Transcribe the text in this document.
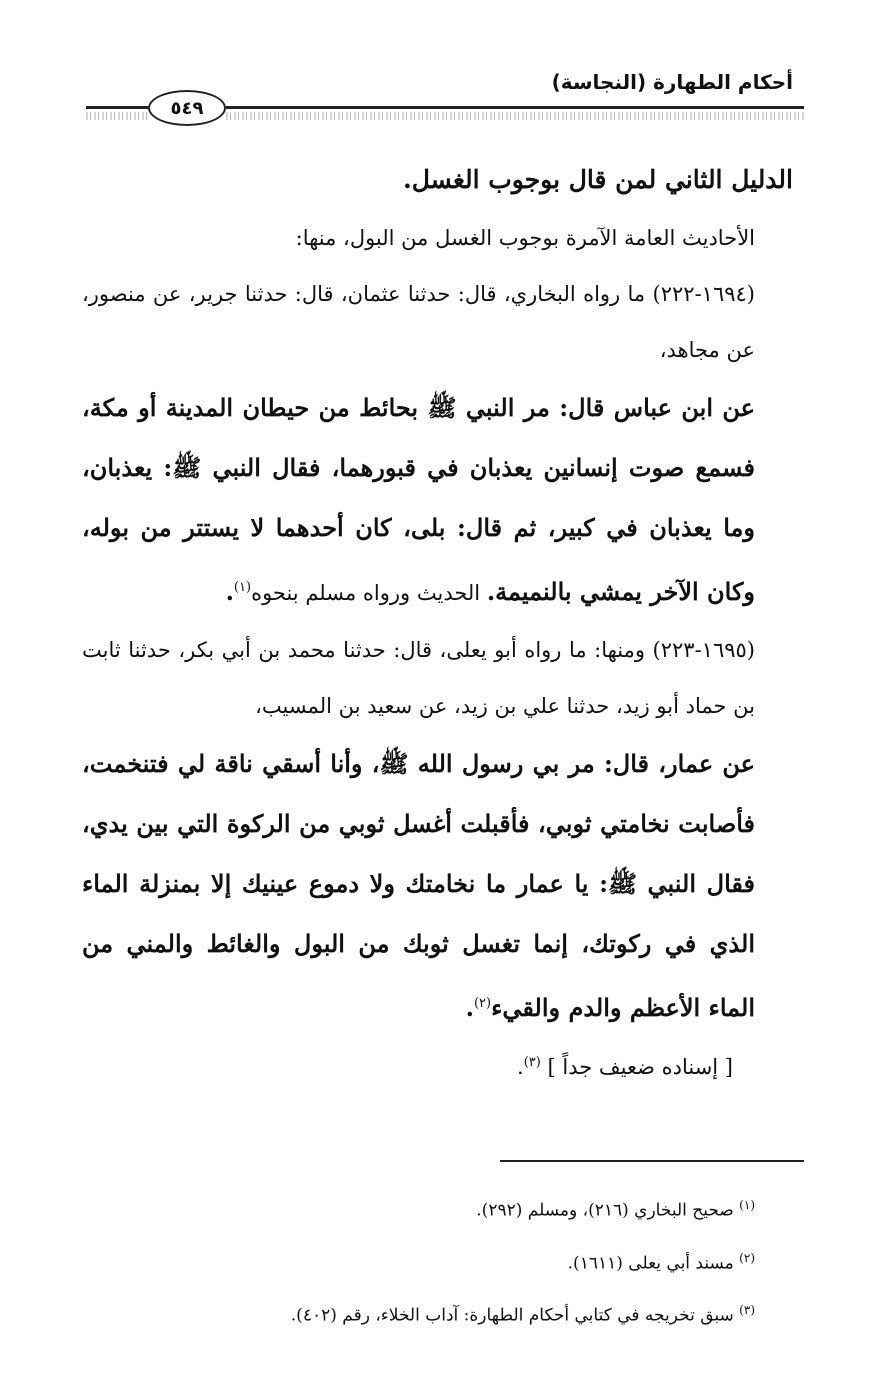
أحكام الطهارة (النجاسة)
٥٤٩

الدليل الثاني لمن قال بوجوب الغسل.

الأحاديث العامة الآمرة بوجوب الغسل من البول، منها:

(١٦٩٤-٢٢٢) ما رواه البخاري، قال: حدثنا عثمان، قال: حدثنا جرير، عن منصور، عن مجاهد،

عن ابن عباس قال: مر النبي ﷺ بحائط من حيطان المدينة أو مكة، فسمع صوت إنسانين يعذبان في قبورهما، فقال النبي ﷺ: يعذبان، وما يعذبان في كبير، ثم قال: بلى، كان أحدهما لا يستتر من بوله، وكان الآخر يمشي بالنميمة. الحديث ورواه مسلم بنحوه$^{(١)}$.

(١٦٩٥-٢٢٣) ومنها: ما رواه أبو يعلى، قال: حدثنا محمد بن أبي بكر، حدثنا ثابت بن حماد أبو زيد، حدثنا علي بن زيد، عن سعيد بن المسيب،

عن عمار، قال: مر بي رسول الله ﷺ، وأنا أسقي ناقة لي فتنخمت، فأصابت نخامتي ثوبي، فأقبلت أغسل ثوبي من الركوة التي بين يدي، فقال النبي ﷺ: يا عمار ما نخامتك ولا دموع عينيك إلا بمنزلة الماء الذي في ركوتك، إنما تغسل ثوبك من البول والغائط والمني من الماء الأعظم والدم والقيء$^{(٢)}$.

[ إسناده ضعيف جداً ] $^{(٣)}$.

$^{(١)}$ صحيح البخاري (٢١٦)، ومسلم (٢٩٢).

$^{(٢)}$ مسند أبي يعلى (١٦١١).

$^{(٣)}$ سبق تخريجه في كتابي أحكام الطهارة: آداب الخلاء، رقم (٤٠٢).
